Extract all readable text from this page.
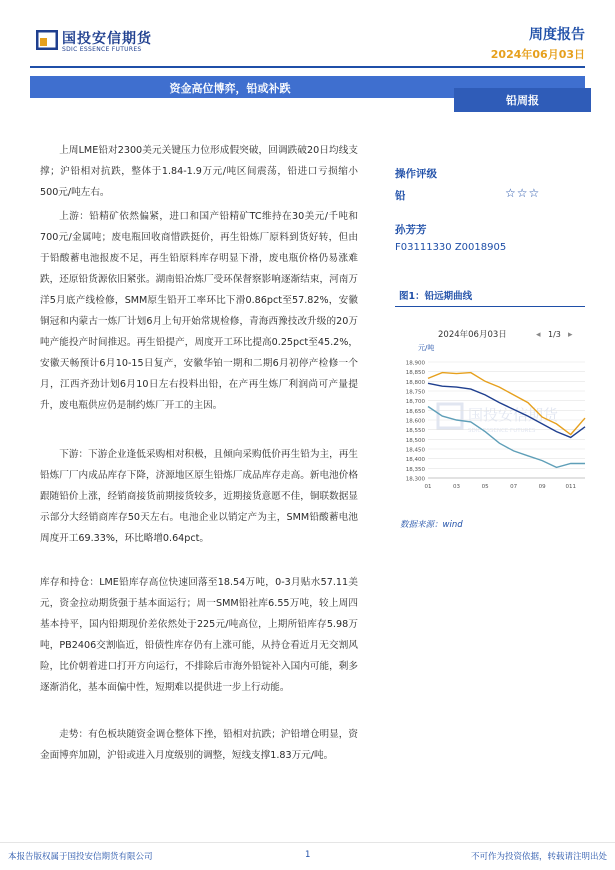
国投安信期货
SDIC ESSENCE FUTURES
周度报告
2024年06月03日
资金高位博弈，铅或补跌
铅周报

上周LME铅对2300美元关键压力位形成假突破，回调跌破20日均线支撑；沪铅相对抗跌，整体于1.84-1.9万元/吨区间震荡，铅进口亏损缩小500元/吨左右。

上游：铅精矿依然偏紧，进口和国产铅精矿TC维持在30美元/千吨和700元/金属吨；废电瓶回收商惜跌挺价，再生铅炼厂原料到货好转，但由于铅酸蓄电池报废不足，再生铅原料库存明显下滑，废电瓶价格仍易涨难跌，还原铅货源依旧紧张。湖南铅冶炼厂受环保督察影响逐渐结束，河南万洋5月底产线检修，SMM原生铅开工率环比下滑0.86pct至57.82%，安徽铜冠和内蒙古一炼厂计划6月上旬开始常规检修，青海西豫技改升级的20万吨产能投产时间推迟。再生铅提产，周度开工环比提高0.25pct至45.2%，安徽天畅预计6月10-15日复产，安徽华铂一期和二期6月初停产检修一个月，江西齐劲计划6月10日左右投料出铅，在产再生炼厂利润尚可产量提升，废电瓶供应仍是制约炼厂开工的主因。

下游：下游企业逢低采购相对积极，且倾向采购低价再生铅为主，再生铅炼厂厂内成品库存下降，济源地区原生铅炼厂成品库存走高。新电池价格跟随铅价上涨，经销商接货前期接货较多，近期接货意愿不佳，铜联数据显示部分大经销商库存50天左右。电池企业以销定产为主，SMM铅酸蓄电池周度开工69.33%，环比略增0.64pct。

库存和持仓：LME铅库存高位快速回落至18.54万吨，0-3月贴水57.11美元，资金拉动期货强于基本面运行；周一SMM铅社库6.55万吨，较上周四基本持平，国内铅期现价差依然处于225元/吨高位，上期所铅库存5.98万吨，PB2406交割临近，铅债性库存仍有上涨可能，从持仓看近月无交割风险，比价朝着进口打开方向运行，不排除后市海外铅锭补入国内可能，剩多逐渐消化，基本面偏中性，短期难以提供进一步上行动能。

走势：有色板块随资金调仓整体下挫，铅相对抗跌；沪铅增仓明显，资金面博弈加剧，沪铅或进入月度级别的调整，短线支撑1.83万元/吨。

操作评级
铅	☆☆☆
孙芳芳
F03111330 Z0018905
图1：铅远期曲线
国投安信期货
SDIC ESSENCE FUTURES
2024年06月03日	◂ 1/3 ▸
元/吨
18,300
18,350
18,400
18,450
18,500
18,550
18,600
18,650
18,700
18,750
18,800
18,850
18,900
01	03	05	07	09	011
数据来源：wind
本报告版权属于国投安信期货有限公司	1	不可作为投资依据，转载请注明出处
